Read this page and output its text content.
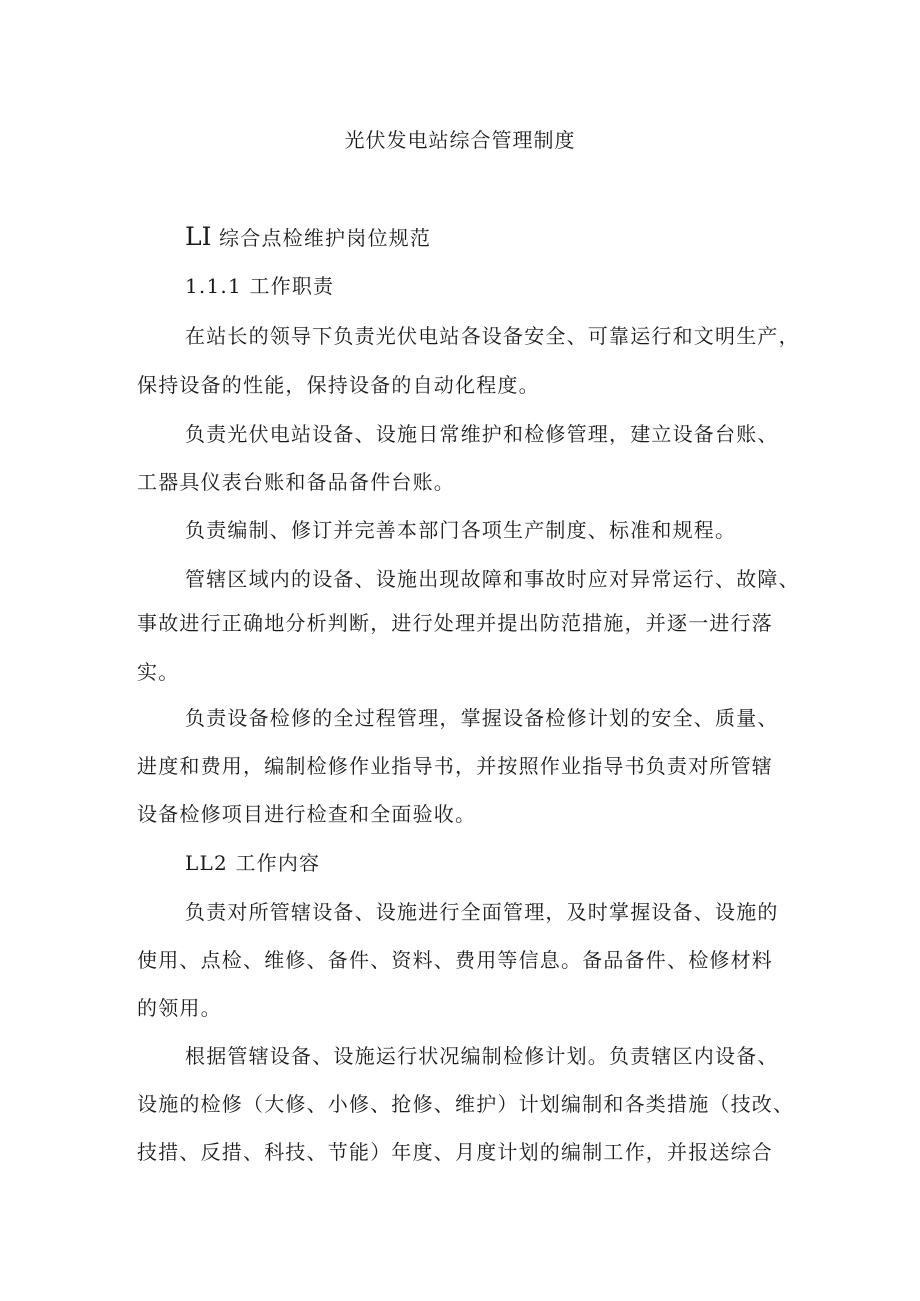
光伏发电站综合管理制度
LI 综合点检维护岗位规范
1.1.1 工作职责
在站长的领导下负责光伏电站各设备安全、可靠运行和文明生产，
保持设备的性能，保持设备的自动化程度。
负责光伏电站设备、设施日常维护和检修管理，建立设备台账、
工器具仪表台账和备品备件台账。
负责编制、修订并完善本部门各项生产制度、标准和规程。
管辖区域内的设备、设施出现故障和事故时应对异常运行、故障、
事故进行正确地分析判断，进行处理并提出防范措施，并逐一进行落
实。
负责设备检修的全过程管理，掌握设备检修计划的安全、质量、
进度和费用，编制检修作业指导书，并按照作业指导书负责对所管辖
设备检修项目进行检查和全面验收。
LL2 工作内容
负责对所管辖设备、设施进行全面管理，及时掌握设备、设施的
使用、点检、维修、备件、资料、费用等信息。备品备件、检修材料
的领用。
根据管辖设备、设施运行状况编制检修计划。负责辖区内设备、
设施的检修（大修、小修、抢修、维护）计划编制和各类措施（技改、
技措、反措、科技、节能）年度、月度计划的编制工作，并报送综合
